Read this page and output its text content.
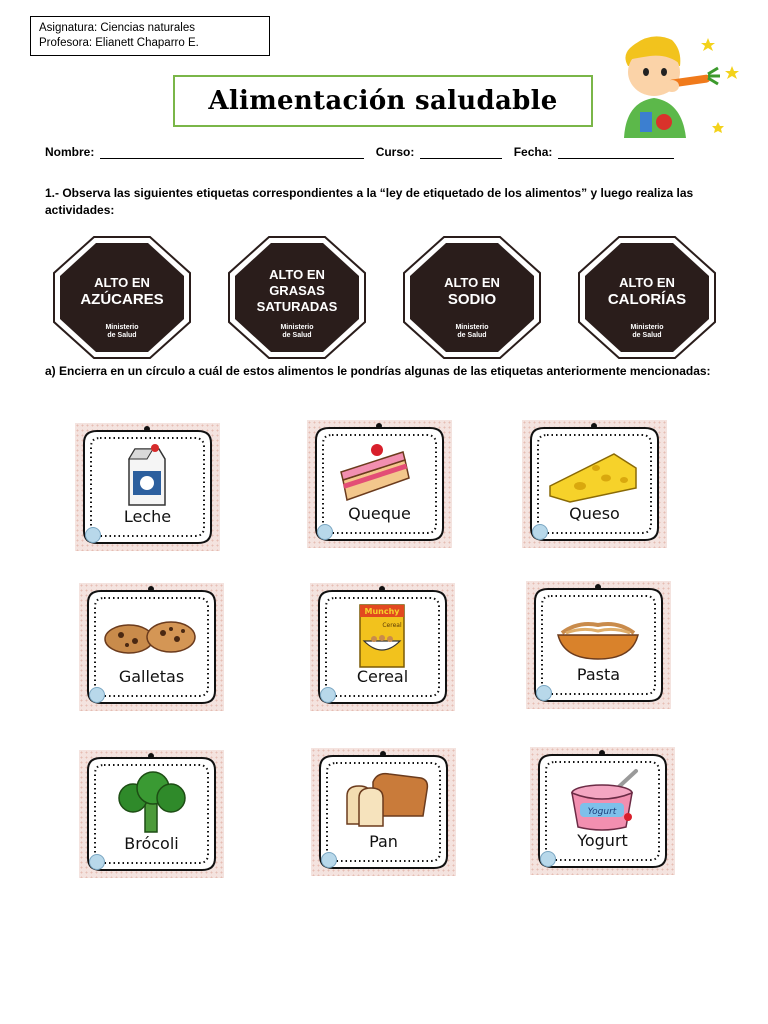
Asignatura: Ciencias naturales
Profesora: Elianett Chaparro E.
Alimentación saludable
Nombre:	Curso:	Fecha:
1.- Observa las siguientes etiquetas correspondientes a la “ley de etiquetado de los alimentos” y luego realiza las actividades:
ALTO EN
AZÚCARES
Ministerio
de Salud
ALTO EN
GRASAS
SATURADAS
Ministerio
de Salud
ALTO EN
SODIO
Ministerio
de Salud
ALTO EN
CALORÍAS
Ministerio
de Salud
a) Encierra en un círculo a cuál de estos alimentos le pondrías algunas de las etiquetas anteriormente mencionadas:
Leche	Queque	Queso
Galletas
Munchy
Cereal
Cereal	Pasta
Brócoli	Pan
Yogurt
Yogurt
